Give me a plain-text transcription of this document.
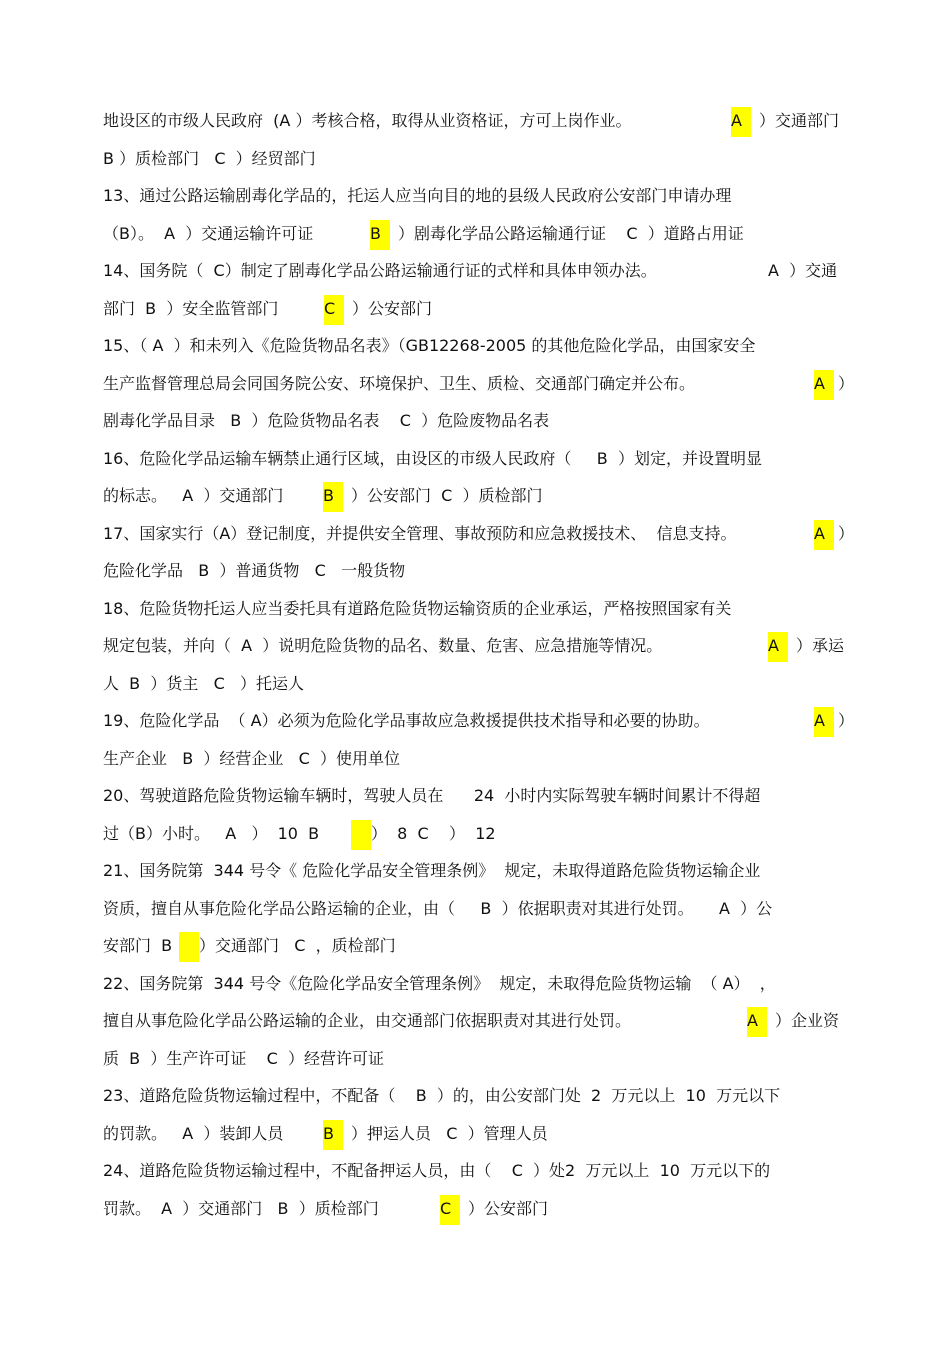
地设区的市级人民政府  (A ）考核合格，取得从业资格证，方可上岗作业。	A ）交通部门
B ）质检部门   C  ）经贸部门
13、通过公路运输剧毒化学品的，托运人应当向目的地的县级人民政府公安部门申请办理
（B）。  A  ）交通运输许可证	B ）剧毒化学品公路运输通行证    C  ）道路占用证
14、国务院（  C）制定了剧毒化学品公路运输通行证的式样和具体申领办法。	A  ）交通
部门  B  ）安全监管部门	C ）公安部门
15、（ A  ）和未列入《危险货物品名表》（GB12268-2005 的其他危险化学品，由国家安全
生产监督管理总局会同国务院公安、环境保护、卫生、质检、交通部门确定并公布。	A ）
剧毒化学品目录   B  ）危险货物品名表    C  ）危险废物品名表
16、危险化学品运输车辆禁止通行区域，由设区的市级人民政府（     B  ）划定，并设置明显
的标志。   A  ）交通部门 B ）公安部门  C  ）质检部门
17、国家实行（A）登记制度，并提供安全管理、事故预防和应急救援技术、  信息支持。	A ）
危险化学品   B  ）普通货物   C   一般货物
18、危险货物托运人应当委托具有道路危险货物运输资质的企业承运，严格按照国家有关
规定包装，并向（  A  ）说明危险货物的品名、数量、危害、应急措施等情况。	A ）承运
人  B  ）货主   C   ）托运人
19、危险化学品  （ A）必须为危险化学品事故应急救援提供技术指导和必要的协助。	A ）
生产企业   B  ）经营企业   C  ）使用单位
20、驾驶道路危险货物运输车辆时，驾驶人员在      24  小时内实际驾驶车辆时间累计不得超
过（B）小时。   A   ）  10  B	）  8  C    ）  12
21、国务院第  344 号令《 危险化学品安全管理条例》  规定，未取得道路危险货物运输企业
资质，擅自从事危险化学品公路运输的企业，由（     B  ）依据职责对其进行处罚。     A  ）公
安部门  B ）交通部门   C  ，质检部门
22、国务院第  344 号令《危险化学品安全管理条例》  规定，未取得危险货物运输  （ A）  ，
擅自从事危险化学品公路运输的企业，由交通部门依据职责对其进行处罚。	A ）企业资
质  B  ）生产许可证    C  ）经营许可证
23、道路危险货物运输过程中，不配备（    B  ）的，由公安部门处  2  万元以上  10  万元以下
的罚款。   A  ）装卸人员 B ）押运人员   C  ）管理人员
24、道路危险货物运输过程中，不配备押运人员，由（    C  ）处2  万元以上  10  万元以下的
罚款。  A  ）交通部门   B  ）质检部门	C ）公安部门
